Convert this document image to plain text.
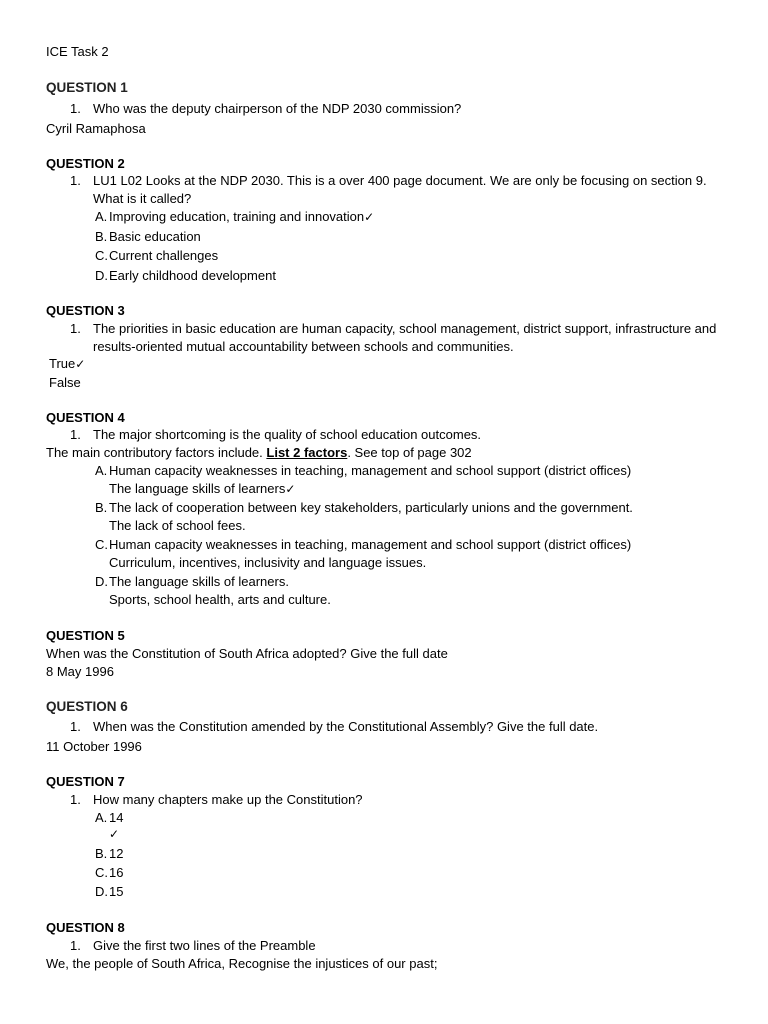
ICE Task 2
QUESTION 1
1. Who was the deputy chairperson of the NDP 2030 commission?
Cyril Ramaphosa
QUESTION 2
1. LU1 L02 Looks at the NDP 2030. This is a over 400 page document. We are only be focusing on section 9.
What is it called?
A. Improving education, training and innovation✓
B. Basic education
C.Current challenges
D.Early childhood development
QUESTION 3
1. The priorities in basic education are human capacity, school management, district support, infrastructure and
results-oriented mutual accountability between schools and communities.
True✓
False
QUESTION 4
1. The major shortcoming is the quality of school education outcomes.
The main contributory factors include. List 2 factors. See top of page 302
A. Human capacity weaknesses in teaching, management and school support (district offices)
The language skills of learners✓
B. The lack of cooperation between key stakeholders, particularly unions and the government.
The lack of school fees.
C.Human capacity weaknesses in teaching, management and school support (district offices)
Curriculum, incentives, inclusivity and language issues.
D.The language skills of learners.
Sports, school health, arts and culture.
QUESTION 5
When was the Constitution of South Africa adopted? Give the full date
8 May 1996
QUESTION 6
1. When was the Constitution amended by the Constitutional Assembly? Give the full date.
11 October 1996
QUESTION 7
1. How many chapters make up the Constitution?
A. 14
✓
B. 12
C.16
D.15
QUESTION 8
1. Give the first two lines of the Preamble
We, the people of South Africa, Recognise the injustices of our past;
